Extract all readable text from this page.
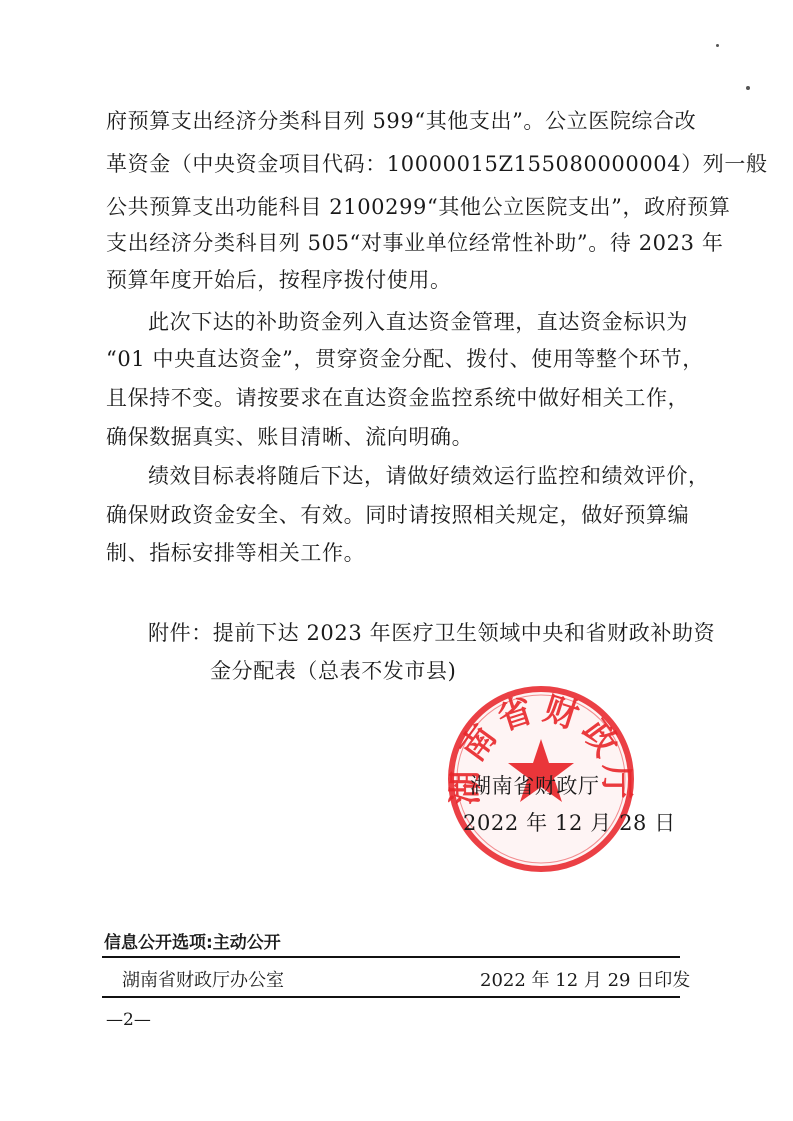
府预算支出经济分类科目列 599“其他支出”。公立医院综合改
革资金（中央资金项目代码：10000015Z155080000004）列一般
公共预算支出功能科目 2100299“其他公立医院支出”，政府预算
支出经济分类科目列 505“对事业单位经常性补助”。待 2023 年
预算年度开始后，按程序拨付使用。
此次下达的补助资金列入直达资金管理，直达资金标识为
“01 中央直达资金”，贯穿资金分配、拨付、使用等整个环节，
且保持不变。请按要求在直达资金监控系统中做好相关工作，
确保数据真实、账目清晰、流向明确。
绩效目标表将随后下达，请做好绩效运行监控和绩效评价，
确保财政资金安全、有效。同时请按照相关规定，做好预算编
制、指标安排等相关工作。
附件：提前下达 2023 年医疗卫生领域中央和省财政补助资
金分配表（总表不发市县)
湖南省财政厅
湖南省财政厅
2022 年 12 月 28 日
信息公开选项:主动公开
湖南省财政厅办公室	2022 年 12 月 29 日印发
—2—
